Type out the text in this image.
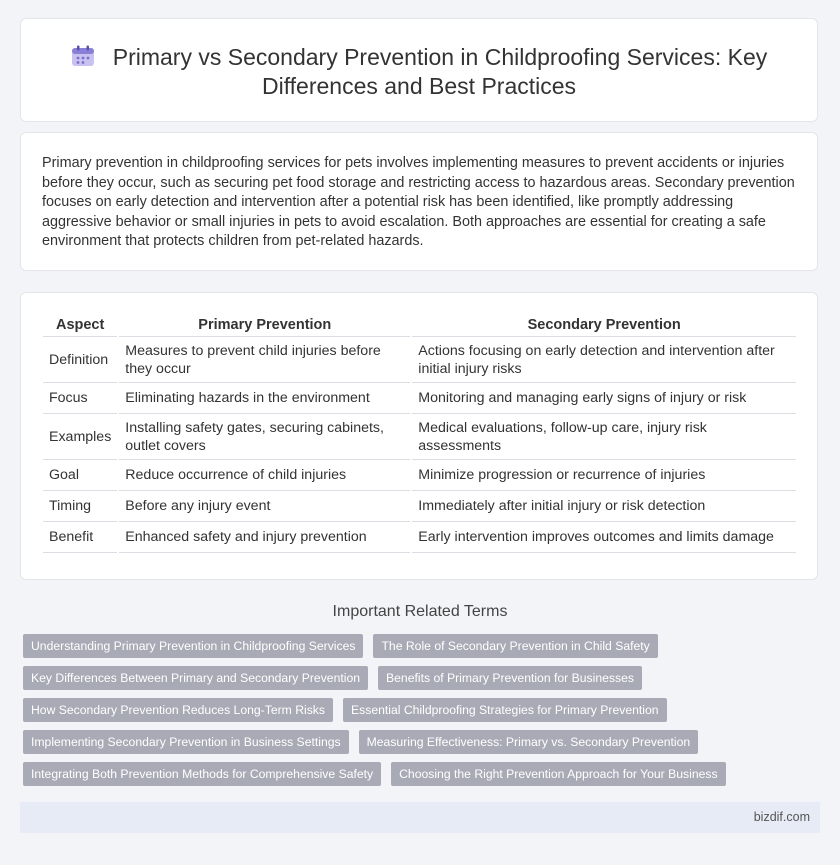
Primary vs Secondary Prevention in Childproofing Services: Key Differences and Best Practices
Primary prevention in childproofing services for pets involves implementing measures to prevent accidents or injuries before they occur, such as securing pet food storage and restricting access to hazardous areas. Secondary prevention focuses on early detection and intervention after a potential risk has been identified, like promptly addressing aggressive behavior or small injuries in pets to avoid escalation. Both approaches are essential for creating a safe environment that protects children from pet-related hazards.
Aspect	Primary Prevention	Secondary Prevention
Definition	Measures to prevent child injuries before they occur	Actions focusing on early detection and intervention after initial injury risks
Focus	Eliminating hazards in the environment	Monitoring and managing early signs of injury or risk
Examples	Installing safety gates, securing cabinets, outlet covers	Medical evaluations, follow-up care, injury risk assessments
Goal	Reduce occurrence of child injuries	Minimize progression or recurrence of injuries
Timing	Before any injury event	Immediately after initial injury or risk detection
Benefit	Enhanced safety and injury prevention	Early intervention improves outcomes and limits damage
Important Related Terms
Understanding Primary Prevention in Childproofing Services	The Role of Secondary Prevention in Child Safety
Key Differences Between Primary and Secondary Prevention	Benefits of Primary Prevention for Businesses
How Secondary Prevention Reduces Long-Term Risks	Essential Childproofing Strategies for Primary Prevention
Implementing Secondary Prevention in Business Settings	Measuring Effectiveness: Primary vs. Secondary Prevention
Integrating Both Prevention Methods for Comprehensive Safety	Choosing the Right Prevention Approach for Your Business
bizdif.com
